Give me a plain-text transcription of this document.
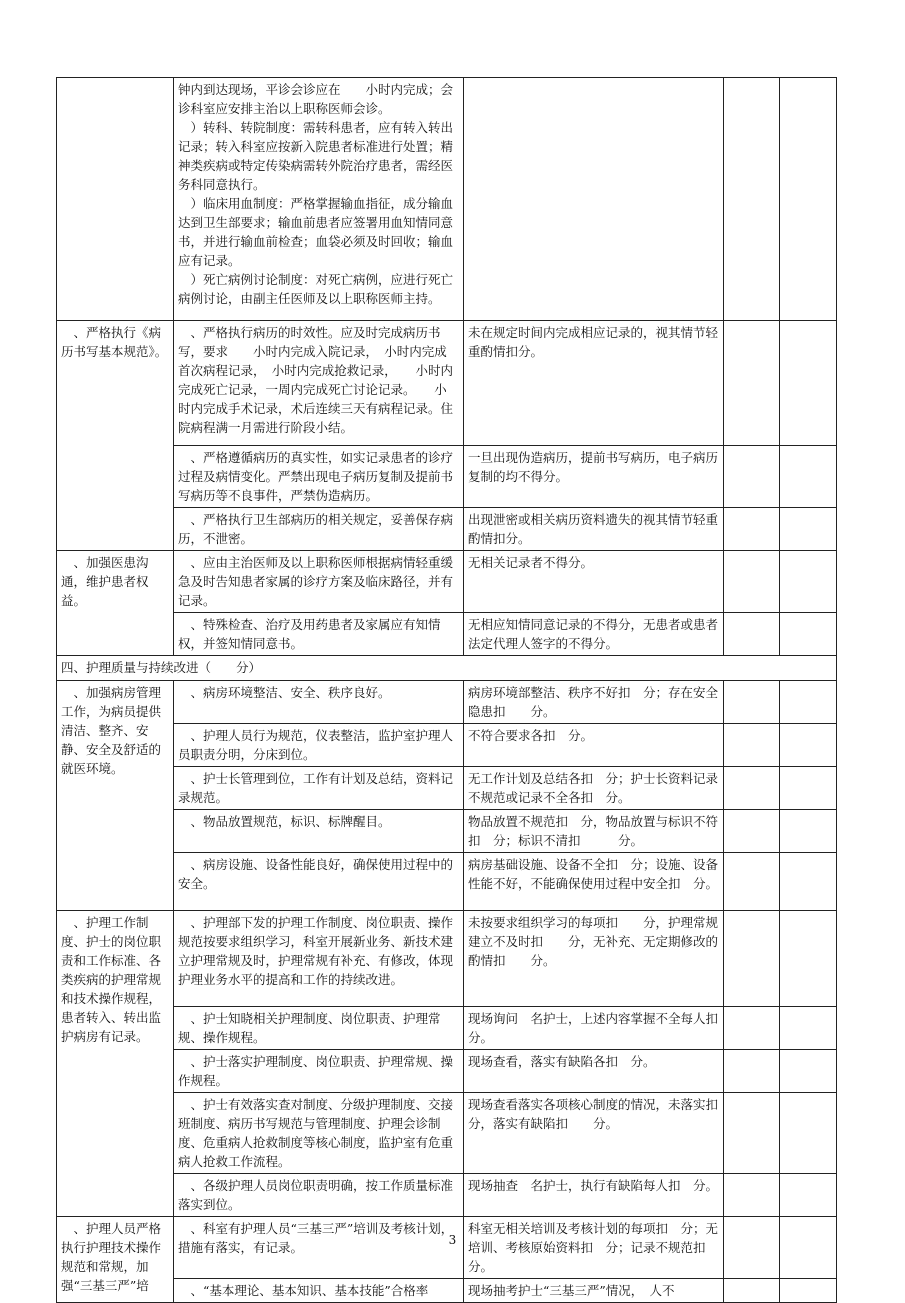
	钟内到达现场，平诊会诊应在　　小时内完成；会诊科室应安排主治以上职称医师会诊。

）转科、转院制度：需转科患者，应有转入转出记录；转入科室应按新入院患者标准进行处置；精神类疾病或特定传染病需转外院治疗患者，需经医务科同意执行。

）临床用血制度：严格掌握输血指征，成分输血达到卫生部要求；输血前患者应签署用血知情同意书，并进行输血前检查；血袋必须及时回收；输血应有记录。

）死亡病例讨论制度：对死亡病例，应进行死亡病例讨论，由副主任医师及以上职称医师主持。			

、严格执行《病历书写基本规范》。	、严格执行病历的时效性。应及时完成病历书写，要求　　小时内完成入院记录，　小时内完成首次病程记录，　小时内完成抢救记录，　　小时内完成死亡记录，一周内完成死亡讨论记录。　　小时内完成手术记录，术后连续三天有病程记录。住院病程满一月需进行阶段小结。	未在规定时间内完成相应记录的，视其情节轻重酌情扣分。		

	、严格遵循病历的真实性，如实记录患者的诊疗过程及病情变化。严禁出现电子病历复制及提前书写病历等不良事件，严禁伪造病历。	一旦出现伪造病历，提前书写病历，电子病历复制的均不得分。		

	、严格执行卫生部病历的相关规定，妥善保存病历，不泄密。	出现泄密或相关病历资料遗失的视其情节轻重酌情扣分。		

、加强医患沟通，维护患者权益。	、应由主治医师及以上职称医师根据病情轻重缓急及时告知患者家属的诊疗方案及临床路径，并有记录。	无相关记录者不得分。		

	、特殊检查、治疗及用药患者及家属应有知情权，并签知情同意书。	无相应知情同意记录的不得分，无患者或患者法定代理人签字的不得分。		
四、护理质量与持续改进（　　分）				

、加强病房管理工作，为病员提供清洁、整齐、安静、安全及舒适的就医环境。	、病房环境整洁、安全、秩序良好。	病房环境部整洁、秩序不好扣　分；存在安全隐患扣　　分。		

	、护理人员行为规范，仪表整洁，监护室护理人员职责分明，分床到位。	不符合要求各扣　分。		

	、护士长管理到位，工作有计划及总结，资料记录规范。	无工作计划及总结各扣　分；护士长资料记录不规范或记录不全各扣　分。		

	、物品放置规范，标识、标牌醒目。	物品放置不规范扣　分，物品放置与标识不符扣　分；标识不清扣　　　分。		

	、病房设施、设备性能良好，确保使用过程中的安全。	病房基础设施、设备不全扣　分；设施、设备性能不好，不能确保使用过程中安全扣　分。		

、护理工作制度、护士的岗位职责和工作标准、各类疾病的护理常规和技术操作规程，患者转入、转出监护病房有记录。	、护理部下发的护理工作制度、岗位职责、操作规范按要求组织学习，科室开展新业务、新技术建立护理常规及时，护理常规有补充、有修改，体现护理业务水平的提高和工作的持续改进。	未按要求组织学习的每项扣　　分，护理常规建立不及时扣　　分，无补充、无定期修改的酌情扣　　分。		

	、护士知晓相关护理制度、岗位职责、护理常规、操作规程。	现场询问　名护士，上述内容掌握不全每人扣　分。		

	、护士落实护理制度、岗位职责、护理常规、操作规程。	现场查看，落实有缺陷各扣　分。		

	、护士有效落实查对制度、分级护理制度、交接班制度、病历书写规范与管理制度、护理会诊制度、危重病人抢救制度等核心制度，监护室有危重病人抢救工作流程。	现场查看落实各项核心制度的情况，未落实扣　分，落实有缺陷扣　　分。		

	、各级护理人员岗位职责明确，按工作质量标准落实到位。	现场抽查　名护士，执行有缺陷每人扣　分。		

、护理人员严格执行护理技术操作规范和常规，加强“三基三严”培	、科室有护理人员“三基三严”培训及考核计划，措施有落实，有记录。	科室无相关培训及考核计划的每项扣　分；无培训、考核原始资料扣　分；记录不规范扣　　分。		

	、“基本理论、基本知识、基本技能”合格率	现场抽考护士“三基三严”情况，　人不		
3
